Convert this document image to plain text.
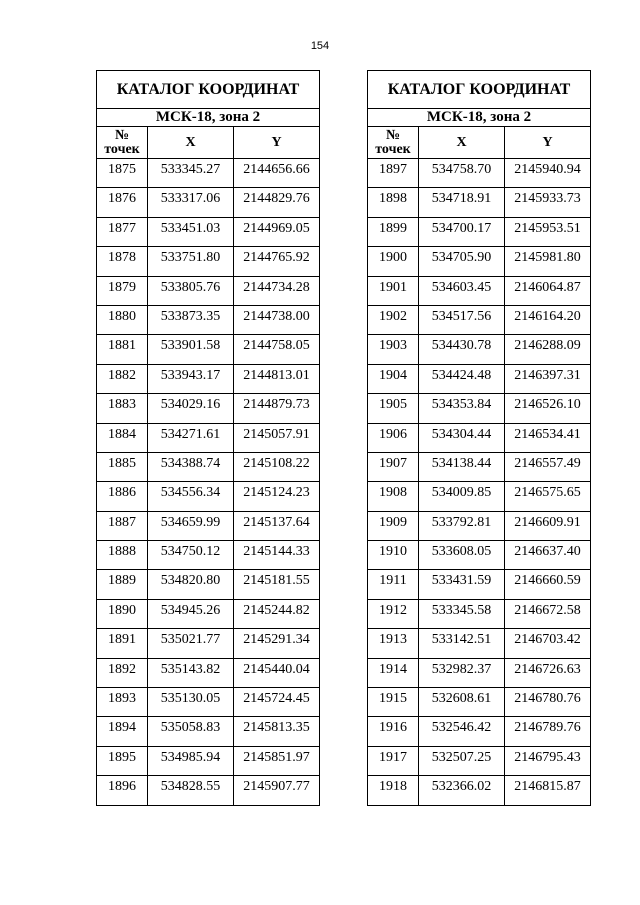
154
КАТАЛОГ КООРДИНАТ		
МСК-18, зона 2		

№
точек	X	Y
1875	533345.27	2144656.66
1876	533317.06	2144829.76
1877	533451.03	2144969.05
1878	533751.80	2144765.92
1879	533805.76	2144734.28
1880	533873.35	2144738.00
1881	533901.58	2144758.05
1882	533943.17	2144813.01
1883	534029.16	2144879.73
1884	534271.61	2145057.91
1885	534388.74	2145108.22
1886	534556.34	2145124.23
1887	534659.99	2145137.64
1888	534750.12	2145144.33
1889	534820.80	2145181.55
1890	534945.26	2145244.82
1891	535021.77	2145291.34
1892	535143.82	2145440.04
1893	535130.05	2145724.45
1894	535058.83	2145813.35
1895	534985.94	2145851.97
1896	534828.55	2145907.77
КАТАЛОГ КООРДИНАТ		
МСК-18, зона 2		

№
точек	X	Y
1897	534758.70	2145940.94
1898	534718.91	2145933.73
1899	534700.17	2145953.51
1900	534705.90	2145981.80
1901	534603.45	2146064.87
1902	534517.56	2146164.20
1903	534430.78	2146288.09
1904	534424.48	2146397.31
1905	534353.84	2146526.10
1906	534304.44	2146534.41
1907	534138.44	2146557.49
1908	534009.85	2146575.65
1909	533792.81	2146609.91
1910	533608.05	2146637.40
1911	533431.59	2146660.59
1912	533345.58	2146672.58
1913	533142.51	2146703.42
1914	532982.37	2146726.63
1915	532608.61	2146780.76
1916	532546.42	2146789.76
1917	532507.25	2146795.43
1918	532366.02	2146815.87
